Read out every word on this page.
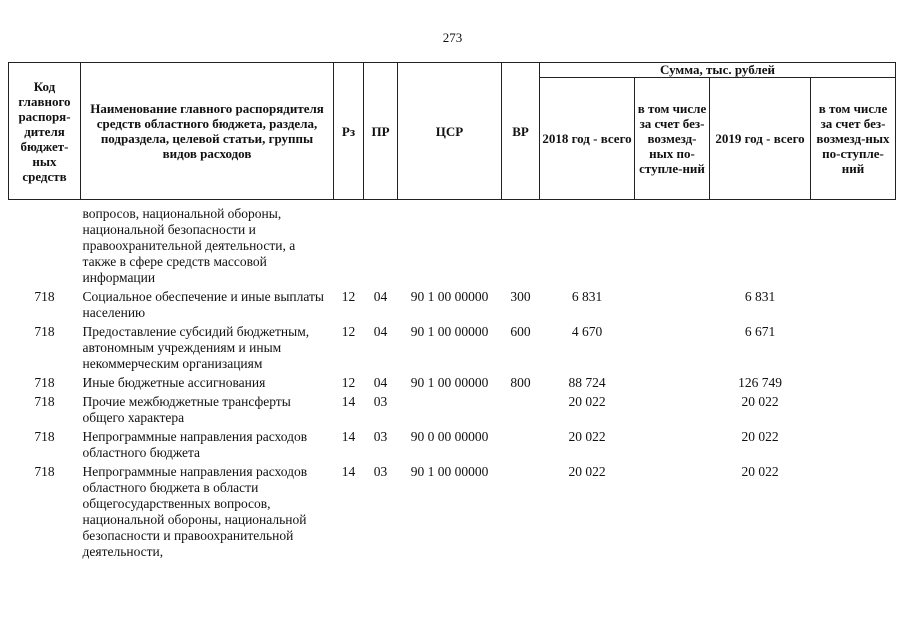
273
Код главного распоря-дителя бюджет-ных средств	Наименование главного распорядителя средств областного бюджета, раздела, подраздела, целевой статьи, группы видов расходов	Рз	ПР	ЦСР	ВР	Сумма, тыс. рублей			
						2018 год - всего	в том числе за счет без-возмезд-ных по-ступле-ний	2019 год - всего	в том числе за счет без-возмезд-ных по-ступле-ний
	вопросов, национальной обороны, национальной безопасности и правоохранительной деятельности, а также в сфере средств массовой информации								
718	Социальное обеспечение и иные выплаты населению	12	04	90 1 00 00000	300	6 831		6 831	
718	Предоставление субсидий бюджетным, автономным учреждениям и иным некоммерческим организациям	12	04	90 1 00 00000	600	4 670		6 671	
718	Иные бюджетные ассигнования	12	04	90 1 00 00000	800	88 724		126 749	
718	Прочие межбюджетные трансферты общего характера	14	03			20 022		20 022	
718	Непрограммные направления расходов областного бюджета	14	03	90 0 00 00000		20 022		20 022	
718	Непрограммные направления расходов областного бюджета в области общегосударственных вопросов, национальной обороны, национальной безопасности и правоохранительной деятельности,	14	03	90 1 00 00000		20 022		20 022	
